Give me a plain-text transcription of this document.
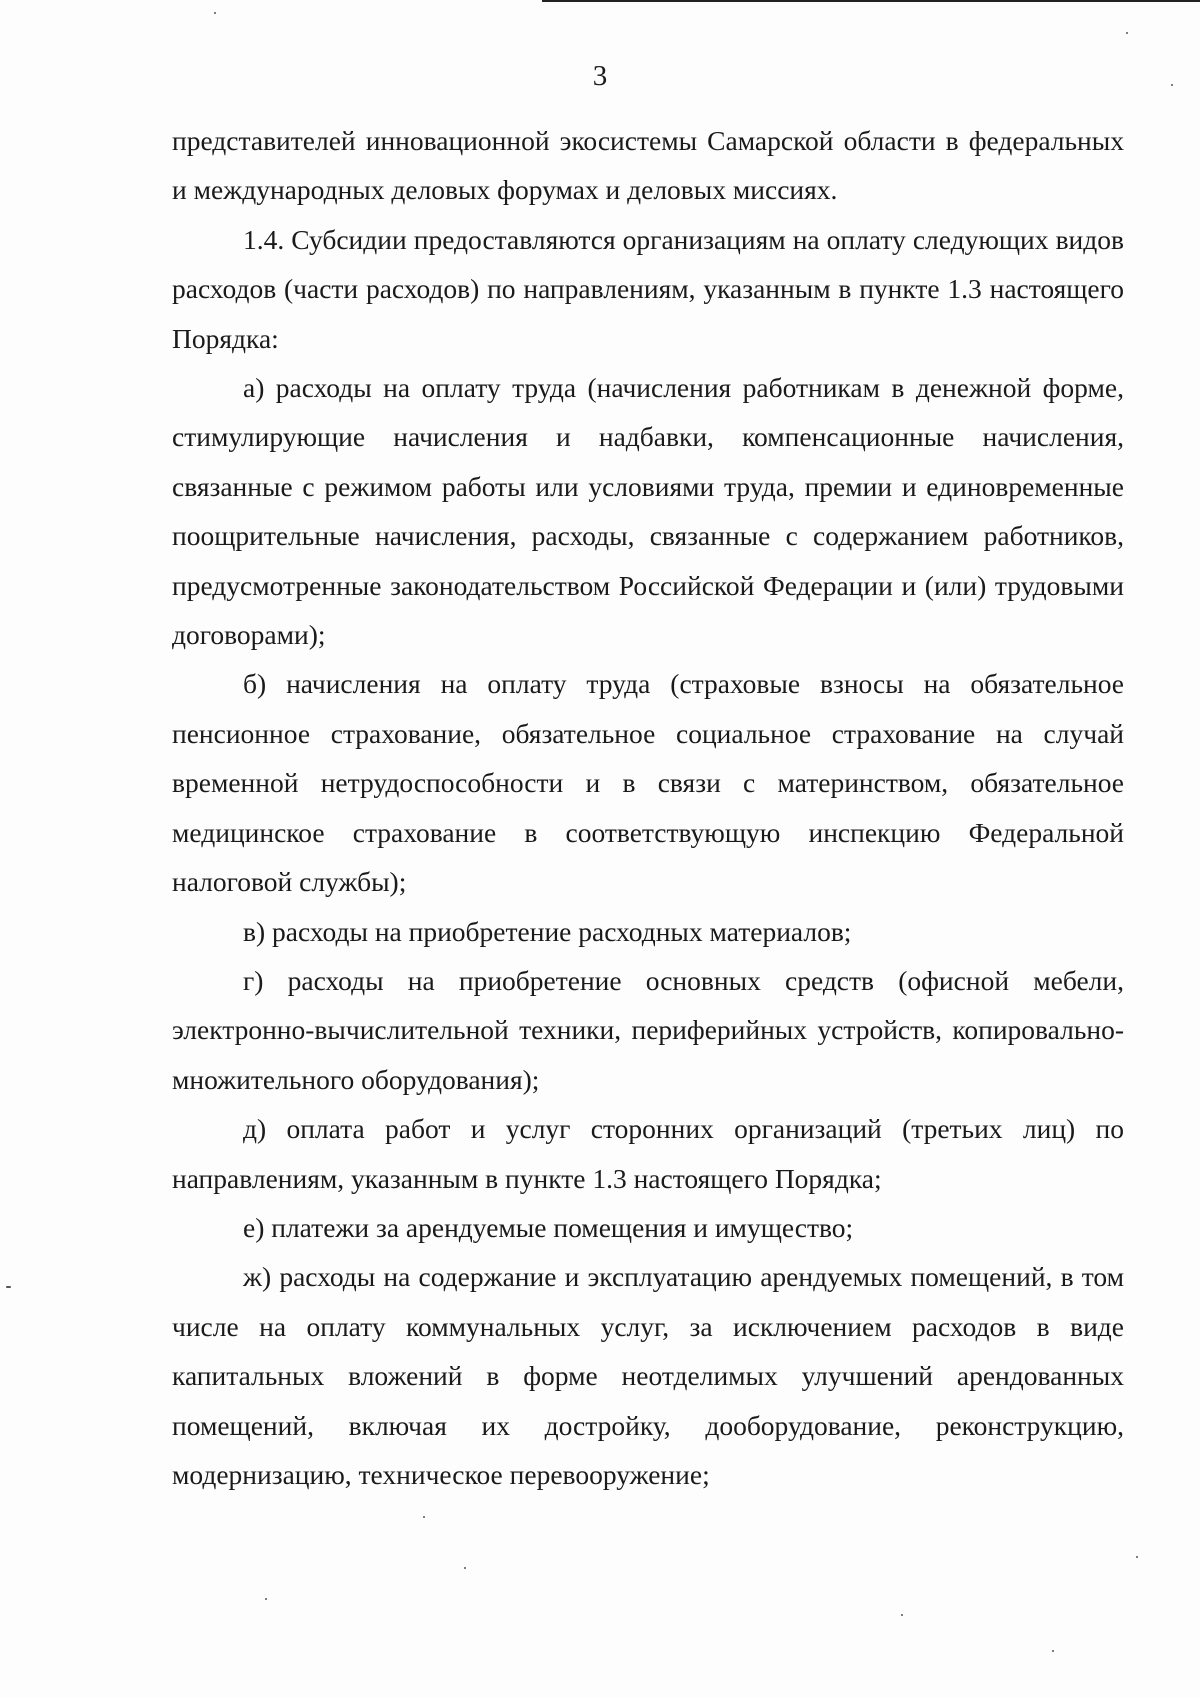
3

представителей инновационной экосистемы Самарской области в федеральных и международных деловых форумах и деловых миссиях.

1.4. Субсидии предоставляются организациям на оплату следующих видов расходов (части расходов) по направлениям, указанным в пункте 1.3 настоящего Порядка:

а) расходы на оплату труда (начисления работникам в денежной форме, стимулирующие начисления и надбавки, компенсационные начисления, связанные с режимом работы или условиями труда, премии и единовременные поощрительные начисления, расходы, связанные с содержанием работников, предусмотренные законодательством Российской Федерации и (или) трудовыми договорами);

б) начисления на оплату труда (страховые взносы на обязательное пенсионное страхование, обязательное социальное страхование на случай временной нетрудоспособности и в связи с материнством, обязательное медицинское страхование в соответствующую инспекцию Федеральной налоговой службы);

в) расходы на приобретение расходных материалов;

г) расходы на приобретение основных средств (офисной мебели, электронно-вычислительной техники, периферийных устройств, копировально-множительного оборудования);

д) оплата работ и услуг сторонних организаций (третьих лиц) по направлениям, указанным в пункте 1.3 настоящего Порядка;

е) платежи за арендуемые помещения и имущество;

ж) расходы на содержание и эксплуатацию арендуемых помещений, в том числе на оплату коммунальных услуг, за исключением расходов в виде капитальных вложений в форме неотделимых улучшений арендованных помещений, включая их достройку, дооборудование, реконструкцию, модернизацию, техническое перевооружение;
